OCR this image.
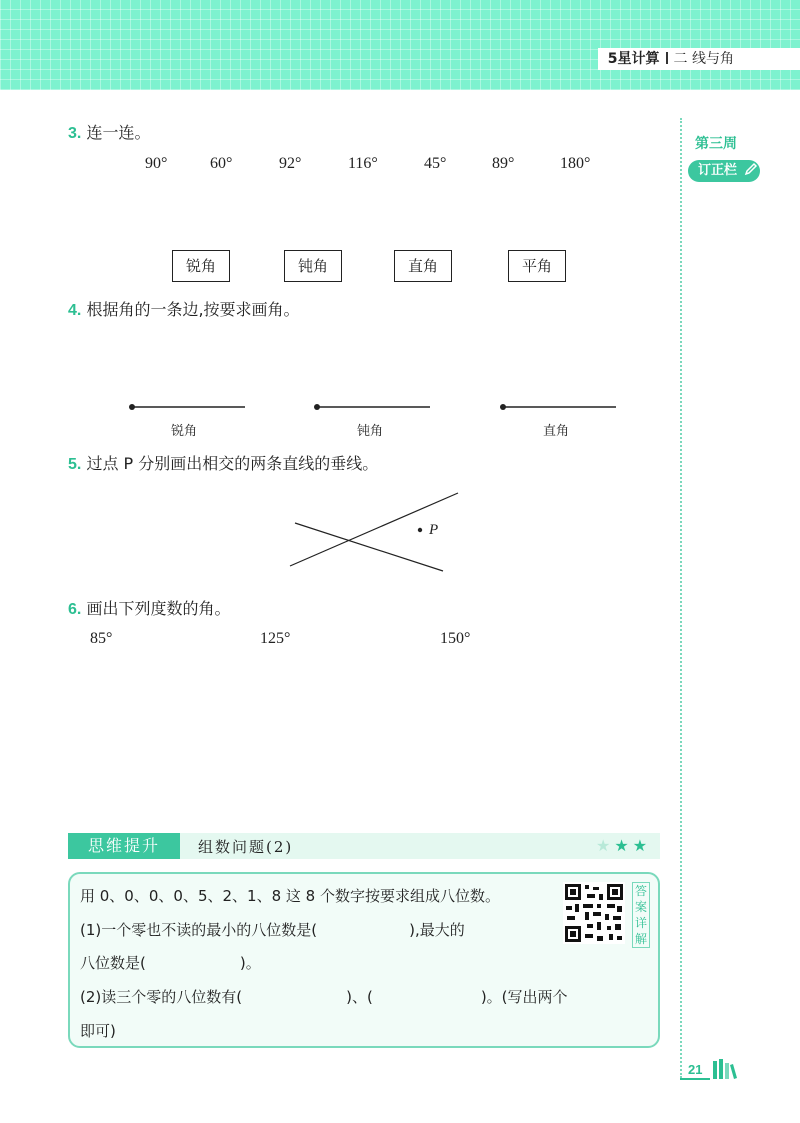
5星计算 二 线与角
第三周
订正栏
3. 连一连。
90°	60°	92°	116°	45°	89°	180°
锐角	钝角	直角	平角
4. 根据角的一条边,按要求画角。
锐角	钝角	直角
5. 过点 P 分别画出相交的两条直线的垂线。
P
6. 画出下列度数的角。
85°	125°	150°
思维提升	组数问题(2)	★★★
用 0、0、0、0、5、2、1、8 这 8 个数字按要求组成八位数。
(1)一个零也不读的最小的八位数是(	),最大的
八位数是(	)。
(2)读三个零的八位数有(	)、(	)。(写出两个
即可)
答案详解
21
